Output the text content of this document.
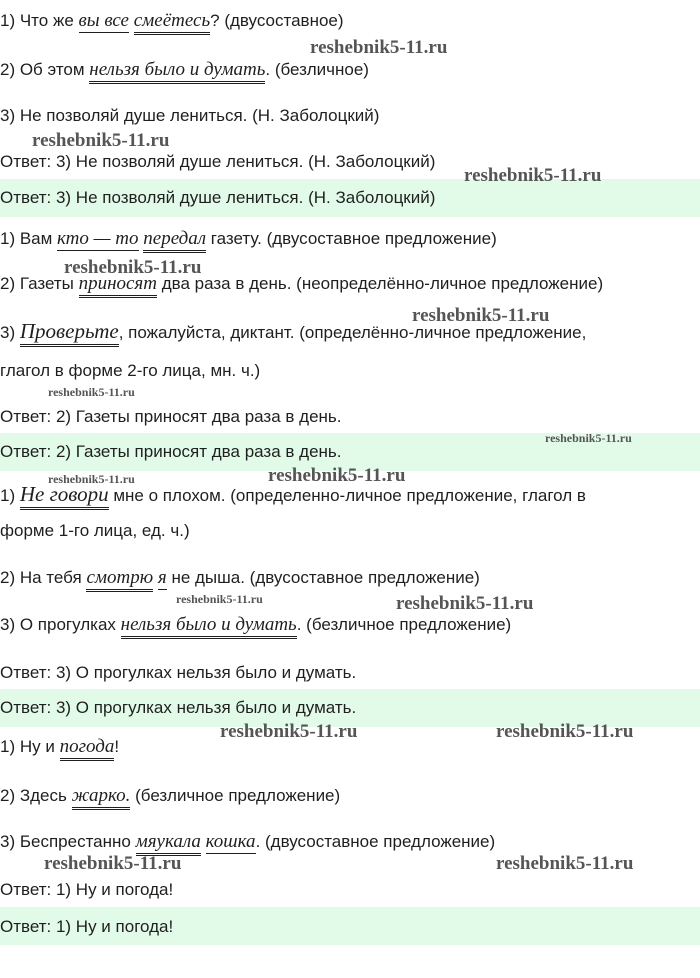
1) Что же вы все смеётесь? (двусоставное)
2) Об этом нельзя было и думать. (безличное)
3) Не позволяй душе лениться. (Н. Заболоцкий)
Ответ: 3) Не позволяй душе лениться. (Н. Заболоцкий)
Ответ: 3) Не позволяй душе лениться. (Н. Заболоцкий)
1) Вам кто — то передал газету. (двусоставное предложение)
2) Газеты приносят два раза в день. (неопределённо-личное предложение)
3) Проверьте, пожалуйста, диктант. (определённо-личное предложение,
глагол в форме 2-го лица, мн. ч.)
Ответ: 2) Газеты приносят два раза в день.
Ответ: 2) Газеты приносят два раза в день.
1) Не говори мне о плохом. (определенно-личное предложение, глагол в
форме 1-го лица, ед. ч.)
2) На тебя смотрю я не дыша. (двусоставное предложение)
3) О прогулках нельзя было и думать. (безличное предложение)
Ответ: 3) О прогулках нельзя было и думать.
Ответ: 3) О прогулках нельзя было и думать.
1) Ну и погода!
2) Здесь жарко. (безличное предложение)
3) Беспрестанно мяукала кошка. (двусоставное предложение)
Ответ: 1) Ну и погода!
Ответ: 1) Ну и погода!
reshebnik5-11.ru
reshebnik5-11.ru
reshebnik5-11.ru
reshebnik5-11.ru
reshebnik5-11.ru
reshebnik5-11.ru
reshebnik5-11.ru
reshebnik5-11.ru	reshebnik5-11.ru
reshebnik5-11.ru	reshebnik5-11.ru
reshebnik5-11.ru	reshebnik5-11.ru
reshebnik5-11.ru	reshebnik5-11.ru
